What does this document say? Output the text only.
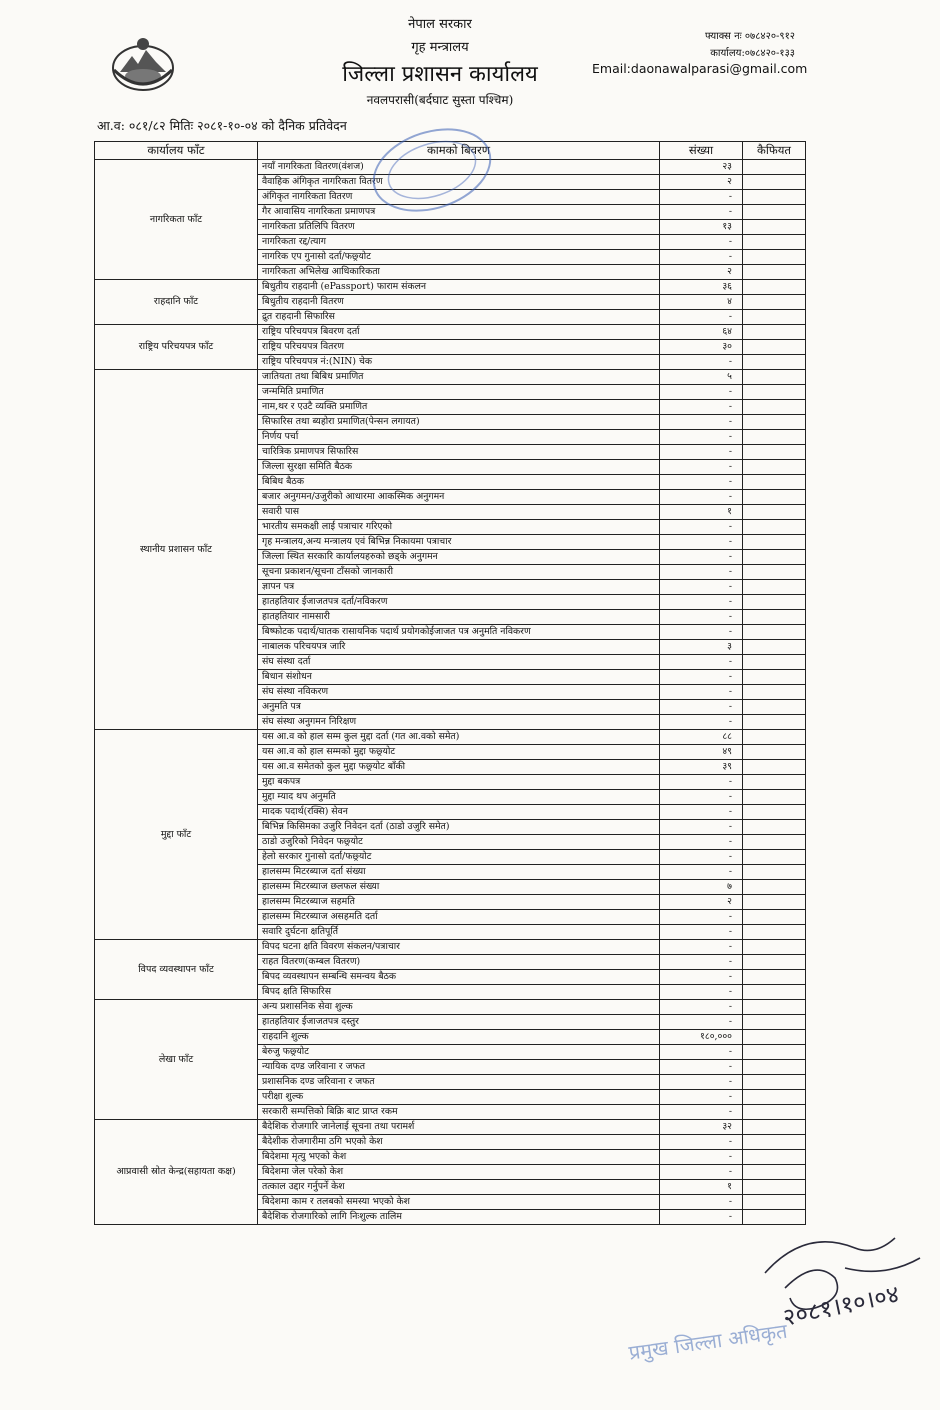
नेपाल सरकार
गृह मन्त्रालय
जिल्ला प्रशासन कार्यालय
नवलपरासी(बर्दघाट सुस्ता पश्चिम)
फ्याक्स नः ०७८४२०-९१२
कार्यालय:०७८४२०-१३३
Email:daonawalparasi@gmail.com
आ.व: ०८१/८२ मितिः २०८१-१०-०४ को दैनिक प्रतिवेदन
कार्यालय फाँट	कामको बिवरण	संख्या	कैफियत
नागरिकता फाँट	नयाँ नागरिकता वितरण(वंशज)	२३	
	वैवाहिक अंगिकृत नागरिकता वितरण	२	
	अंगिकृत नागरिकता वितरण	-	
	गैर आवासिय नागरिकता प्रमाणपत्र	-	
	नागरिकता प्रतिलिपि वितरण	१३	
	नागरिकता रद्द/त्याग	-	
	नागरिक एप गुनासो दर्ता/फछ्र्योट	-	
	नागरिकता अभिलेख आधिकारिकता	२	
राहदानि फाँट	बिधुतीय राहदानी (ePassport) फाराम संकलन	३६	
	बिधुतीय राहदानी वितरण	४	
	द्रुत राहदानी सिफारिस	-	
राष्ट्रिय परिचयपत्र फाँट	राष्ट्रिय परिचयपत्र बिवरण दर्ता	६४	
	राष्ट्रिय परिचयपत्र वितरण	३०	
	राष्ट्रिय परिचयपत्र नं:(NIN) चेक	-	
स्थानीय प्रशासन फाँट	जातियता तथा बिबिध प्रमाणित	५	
	जन्ममिति प्रमाणित	-	
	नाम,थर र एउटै व्यक्ति प्रमाणित	-	
	सिफारिस तथा ब्यहोरा प्रमाणित(पेन्सन लगायत)	-	
	निर्णय पर्चा	-	
	चारित्रिक प्रमाणपत्र सिफारिस	-	
	जिल्ला सुरक्षा समिति बैठक	-	
	बिबिध बैठक	-	
	बजार अनुगमन/उजुरीको आधारमा आकस्मिक अनुगमन	-	
	सवारी पास	१	
	भारतीय समकक्षी लाई पत्राचार गरिएको	-	
	गृह मन्त्रालय,अन्य मन्त्रालय एवं बिभिन्न निकायमा पत्राचार	-	
	जिल्ला स्थित सरकारि कार्यालयहरुको छड्के अनुगमन	-	
	सूचना प्रकाशन/सूचना टाँसको जानकारी	-	
	ज्ञापन पत्र	-	
	हातहतियार ईजाजतपत्र दर्ता/नविकरण	-	
	हातहतियार नामसारी	-	
	बिष्फोटक पदार्थ/घातक रासायनिक पदार्थ प्रयोगकोईजाजत पत्र अनुमति नविकरण	-	
	नाबालक परिचयपत्र जारि	३	
	संघ संस्था दर्ता	-	
	बिधान संशोधन	-	
	संघ संस्था नविकरण	-	
	अनुमति पत्र	-	
	संघ संस्था अनुगमन निरिक्षण	-	
मुद्दा फाँट	यस आ.व को हाल सम्म कुल मुद्दा दर्ता (गत आ.वको समेत)	८८	
	यस आ.व को हाल सम्मको मुद्दा फछ्र्योट	४९	
	यस आ.व समेतको कुल मुद्दा फछ्र्योट बाँकी	३९	
	मुद्दा बकपत्र	-	
	मुद्दा म्याद थप अनुमति	-	
	मादक पदार्थ(रक्सि) सेवन	-	
	बिभिन्न किसिमका उजुरि निवेदन दर्ता (ठाडो उजुरि समेत)	-	
	ठाडो उजुरिको निवेदन फछ्र्योट	-	
	हेलो सरकार गुनासो दर्ता/फछ्र्योट	-	
	हालसम्म मिटरब्याज दर्ता संख्या	-	
	हालसम्म मिटरब्याज छलफल संख्या	७	
	हालसम्म मिटरब्याज सहमति	२	
	हालसम्म मिटरब्याज असहमति दर्ता	-	
	सवारि दुर्घटना क्षतिपूर्ति	-	
विपद व्यवस्थापन फाँट	विपद घटना क्षति विवरण संकलन/पत्राचार	-	
	राहत वितरण(कम्बल वितरण)	-	
	बिपद व्यवस्थापन सम्बन्धि समन्वय बैठक	-	
	बिपद क्षति सिफारिस	-	
लेखा फाँट	अन्य प्रशासनिक सेवा शुल्क	-	
	हातहतियार ईजाजतपत्र दस्तुर	-	
	राहदानि शुल्क	१८०,०००	
	बेरुजु फछ्र्योट	-	
	न्यायिक दण्ड जरिवाना र जफत	-	
	प्रशासनिक दण्ड जरिवाना र जफत	-	
	परीक्षा शुल्क	-	
	सरकारी सम्पत्तिको बिक्रि बाट प्राप्त रकम	-	
आप्रवासी स्रोत केन्द्र(सहायता कक्ष)	बैदेशिक रोजगारि जानेलाई सूचना तथा परामर्श	३२	
	बैदेशीक रोजगारीमा ठगि भएको केश	-	
	बिदेशमा मृत्यु भएको केश	-	
	बिदेशमा जेल परेको केश	-	
	तत्काल उद्दार गर्नुपर्ने केश	१	
	बिदेशमा काम र तलबको समस्या भएको केश	-	
	बैदेशिक रोजगारिको लागि निःशुल्क तालिम	-	
२०८१।१०।०४
प्रमुख जिल्ला अधिकृत
